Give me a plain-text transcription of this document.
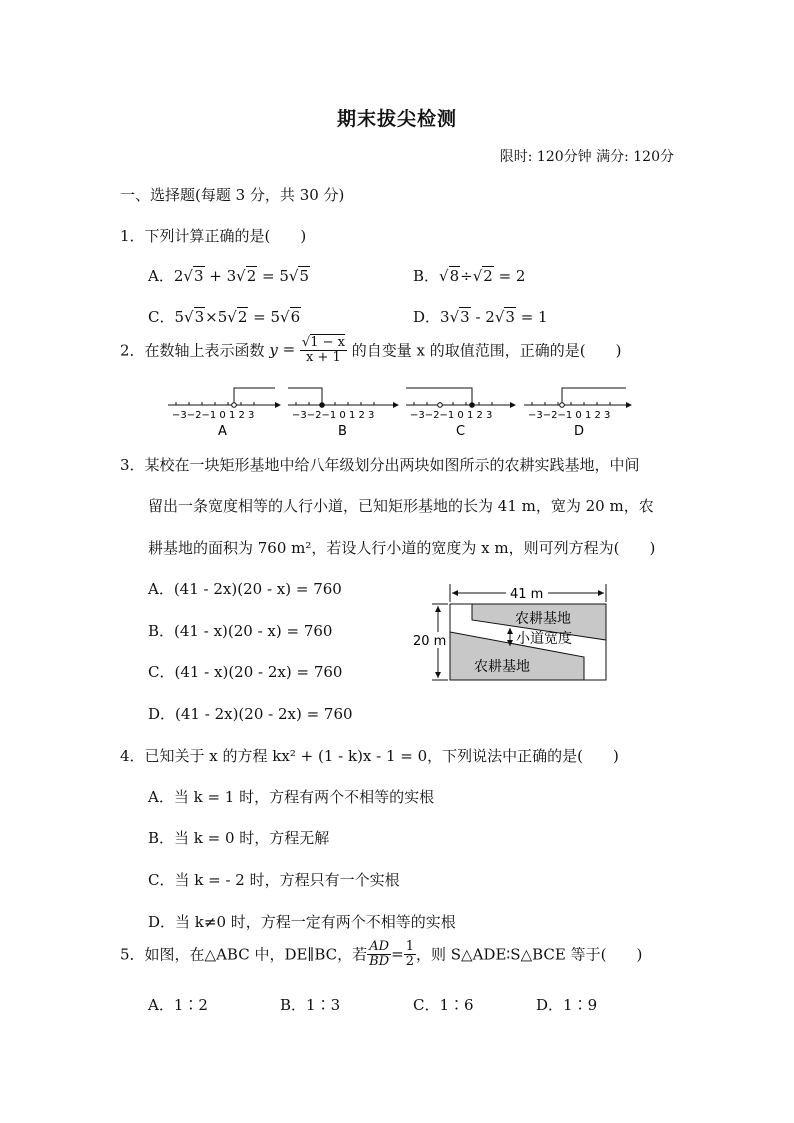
期末拔尖检测
限时: 120分钟 满分: 120分
一、选择题(每题 3 分，共 30 分)
1．下列计算正确的是(　　)
A．2√3 + 3√2 = 5√5	B．√8÷√2 = 2
C．5√3×5√2 = 5√6	D．3√3 - 2√3 = 1
2．在数轴上表示函数 $y = \frac{√1 - x}{x + 1}$ 的自变量 x 的取值范围，正确的是(　　)
−3−2−1 0 1 2 3
A
−3−2−1 0 1 2 3
B
−3−2−1 0 1 2 3
C
−3−2−1 0 1 2 3
D
3．某校在一块矩形基地中给八年级划分出两块如图所示的农耕实践基地，中间
留出一条宽度相等的人行小道，已知矩形基地的长为 41 m，宽为 20 m，农
耕基地的面积为 760 m²，若设人行小道的宽度为 x m，则可列方程为(　　)
A．(41 - 2x)(20 - x) = 760
B．(41 - x)(20 - x) = 760
C．(41 - x)(20 - 2x) = 760
D．(41 - 2x)(20 - 2x) = 760
41 m
20 m
农耕基地
农耕基地
小道宽度
4．已知关于 x 的方程 kx² + (1 - k)x - 1 = 0，下列说法中正确的是(　　)
A．当 k = 1 时，方程有两个不相等的实根
B．当 k = 0 时，方程无解
C．当 k = - 2 时，方程只有一个实根
D．当 k≠0 时，方程一定有两个不相等的实根
5．如图，在△ABC 中，DE∥BC，若 $\frac{AD}{BD} = \frac{1}{2}$ ，则 S△ADE∶S△BCE 等于(　　)
A．1∶2	B．1∶3	C．1∶6	D．1∶9
